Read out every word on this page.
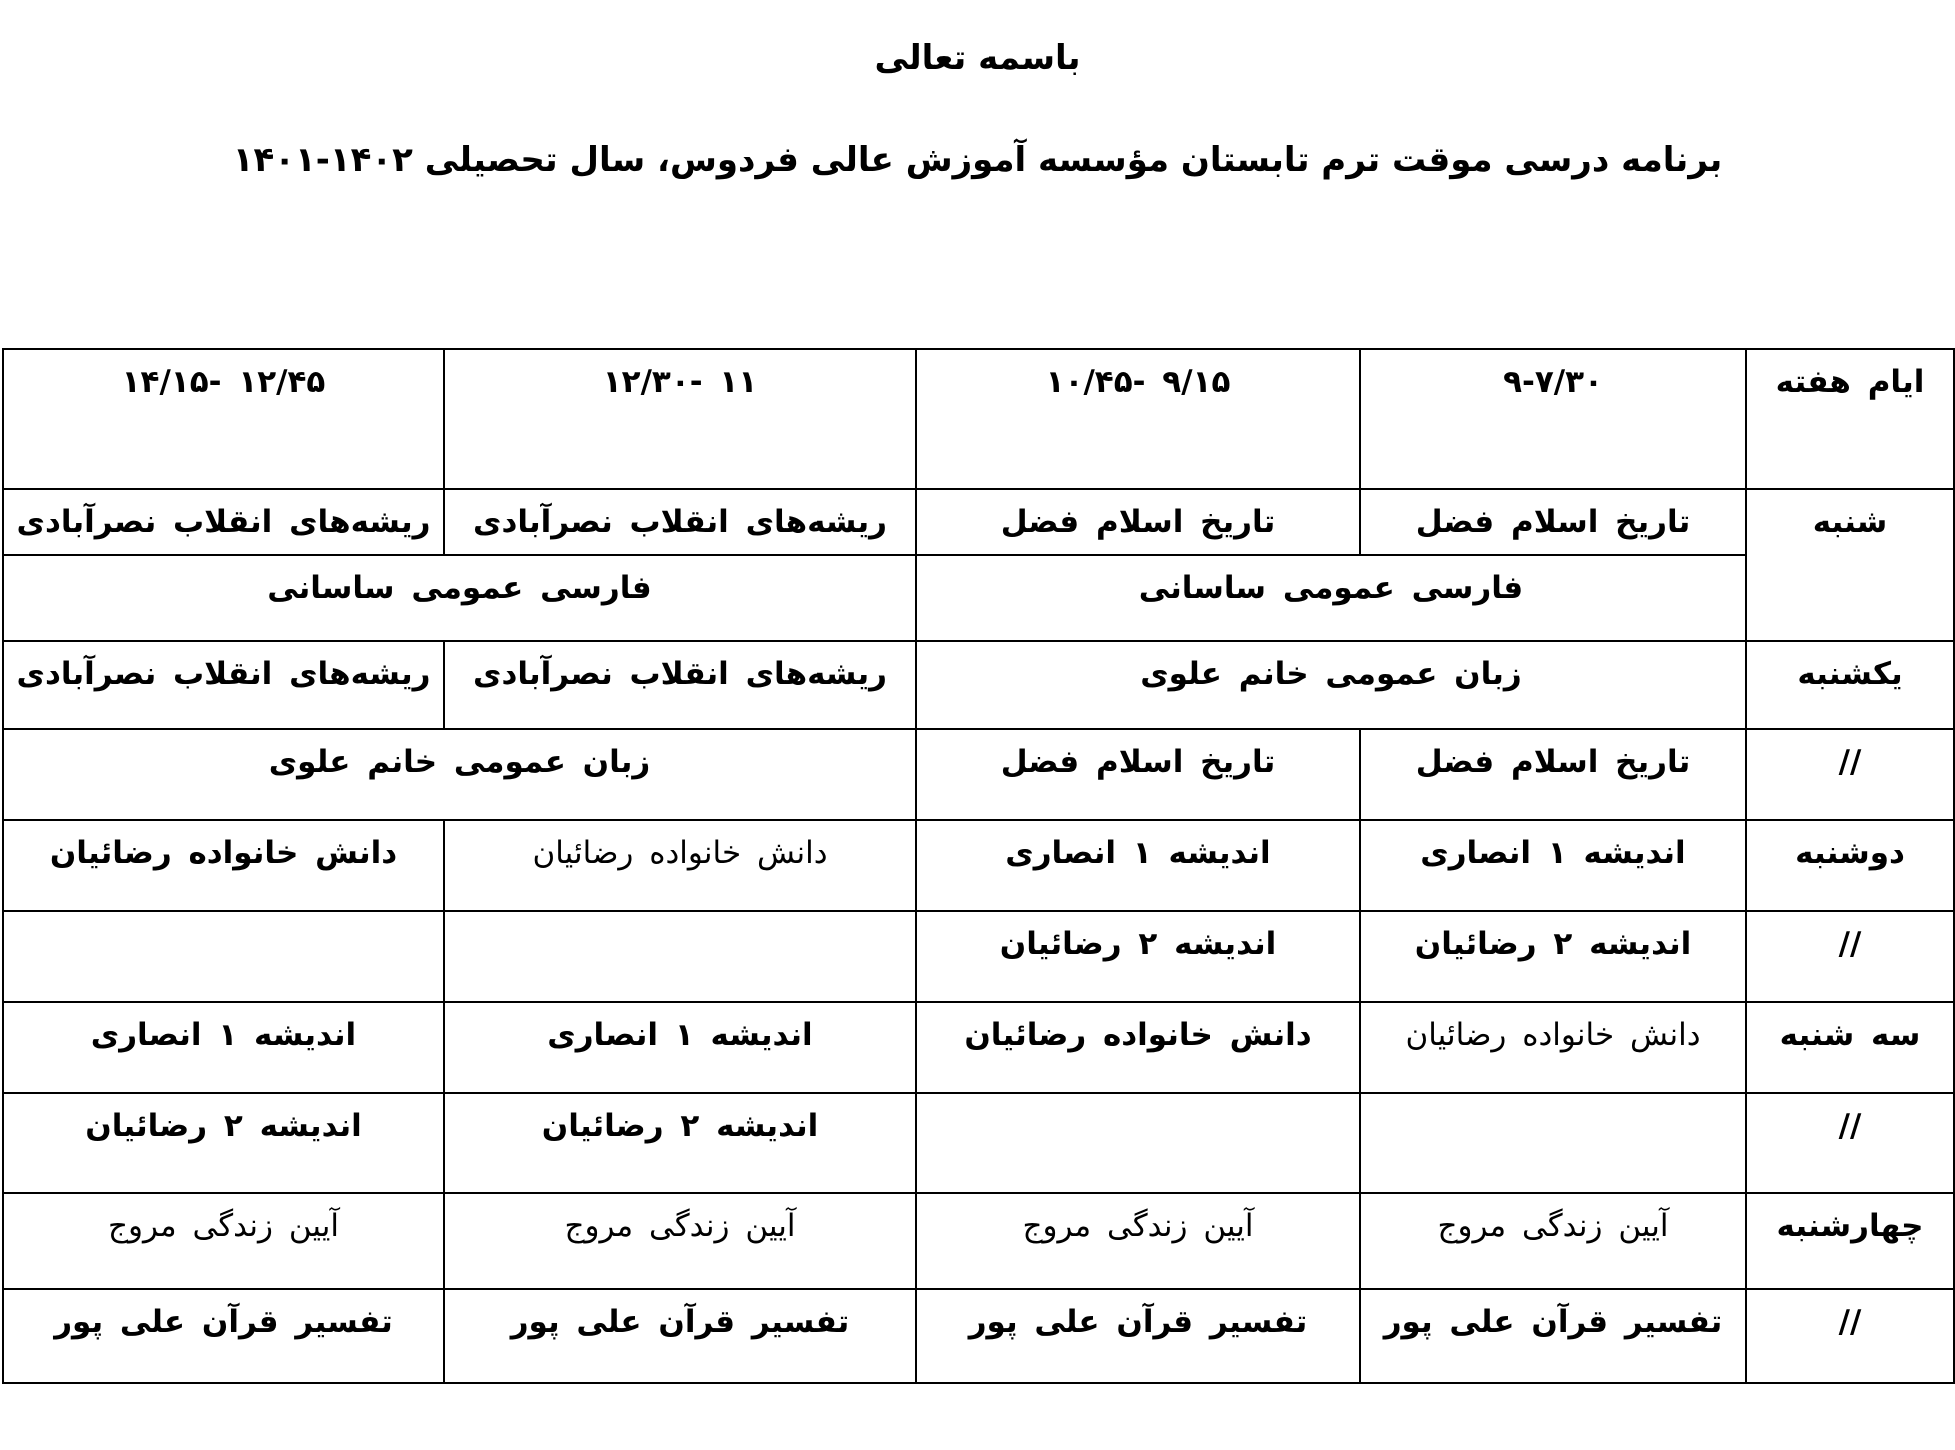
باسمه تعالی
برنامه درسی موقت ترم تابستان مؤسسه آموزش عالی فردوس، سال تحصیلی ۱۴۰۲-۱۴۰۱
ایام هفته	۹-۷/۳۰	۹/۱۵ -۱۰/۴۵	۱۱ -۱۲/۳۰	۱۲/۴۵ -۱۴/۱۵
شنبه	تاریخ اسلام فضل	تاریخ اسلام فضل	ریشه‌های انقلاب نصرآبادی	ریشه‌های انقلاب نصرآبادی
	فارسی عمومی ساسانی		فارسی عمومی ساسانی	
یکشنبه	زبان عمومی خانم علوی		ریشه‌های انقلاب نصرآبادی	ریشه‌های انقلاب نصرآبادی
//	تاریخ اسلام فضل	تاریخ اسلام فضل	زبان عمومی خانم علوی	
دوشنبه	اندیشه ۱ انصاری	اندیشه ۱ انصاری	دانش خانواده رضائیان	دانش خانواده رضائیان
//	اندیشه ۲ رضائیان	اندیشه ۲ رضائیان		
سه شنبه	دانش خانواده رضائیان	دانش خانواده رضائیان	اندیشه ۱ انصاری	اندیشه ۱ انصاری
//			اندیشه ۲ رضائیان	اندیشه ۲ رضائیان
چهارشنبه	آیین زندگی مروج	آیین زندگی مروج	آیین زندگی مروج	آیین زندگی مروج
//	تفسیر قرآن علی پور	تفسیر قرآن علی پور	تفسیر قرآن علی پور	تفسیر قرآن علی پور
